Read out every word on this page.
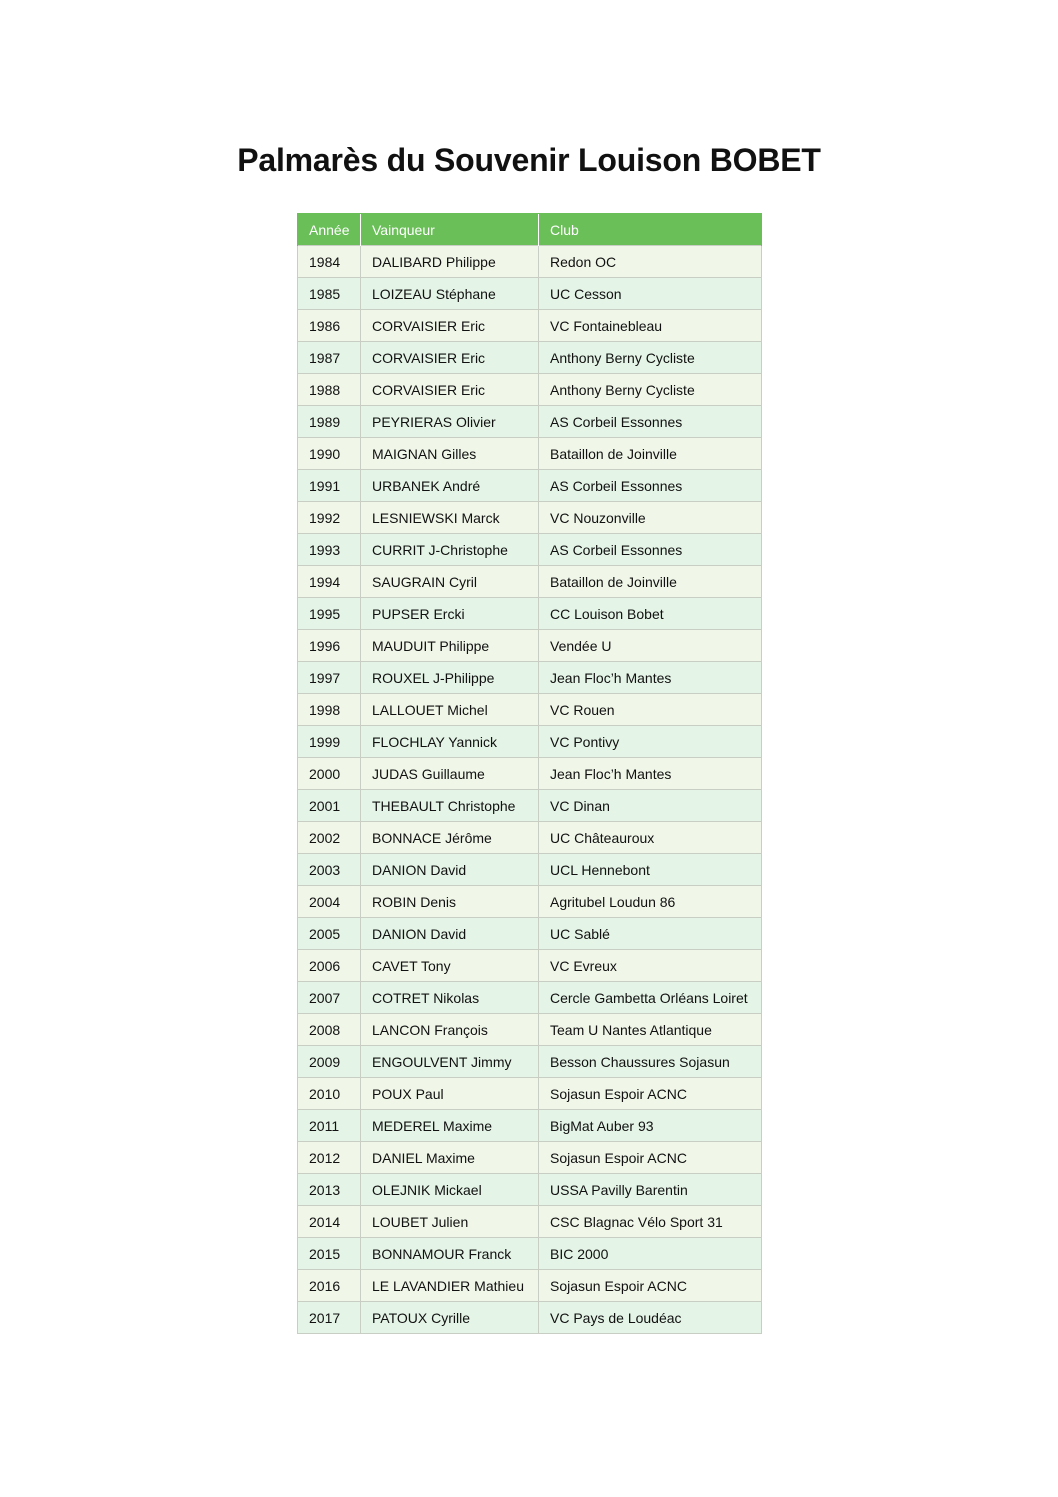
Palmarès du Souvenir Louison BOBET
Année	Vainqueur	Club
1984	DALIBARD Philippe	Redon OC
1985	LOIZEAU Stéphane	UC Cesson
1986	CORVAISIER Eric	VC Fontainebleau
1987	CORVAISIER Eric	Anthony Berny Cycliste
1988	CORVAISIER Eric	Anthony Berny Cycliste
1989	PEYRIERAS Olivier	AS Corbeil Essonnes
1990	MAIGNAN Gilles	Bataillon de Joinville
1991	URBANEK André	AS Corbeil Essonnes
1992	LESNIEWSKI Marck	VC Nouzonville
1993	CURRIT J-Christophe	AS Corbeil Essonnes
1994	SAUGRAIN Cyril	Bataillon de Joinville
1995	PUPSER Ercki	CC Louison Bobet
1996	MAUDUIT Philippe	Vendée U
1997	ROUXEL J-Philippe	Jean Floc’h Mantes
1998	LALLOUET Michel	VC Rouen
1999	FLOCHLAY Yannick	VC Pontivy
2000	JUDAS Guillaume	Jean Floc’h Mantes
2001	THEBAULT Christophe	VC Dinan
2002	BONNACE Jérôme	UC Châteauroux
2003	DANION David	UCL Hennebont
2004	ROBIN Denis	Agritubel Loudun 86
2005	DANION David	UC Sablé
2006	CAVET Tony	VC Evreux
2007	COTRET Nikolas	Cercle Gambetta Orléans Loiret
2008	LANCON François	Team U Nantes Atlantique
2009	ENGOULVENT Jimmy	Besson Chaussures Sojasun
2010	POUX Paul	Sojasun Espoir ACNC
2011	MEDEREL Maxime	BigMat Auber 93
2012	DANIEL Maxime	Sojasun Espoir ACNC
2013	OLEJNIK Mickael	USSA Pavilly Barentin
2014	LOUBET Julien	CSC Blagnac Vélo Sport 31
2015	BONNAMOUR Franck	BIC 2000
2016	LE LAVANDIER Mathieu	Sojasun Espoir ACNC
2017	PATOUX Cyrille	VC Pays de Loudéac
